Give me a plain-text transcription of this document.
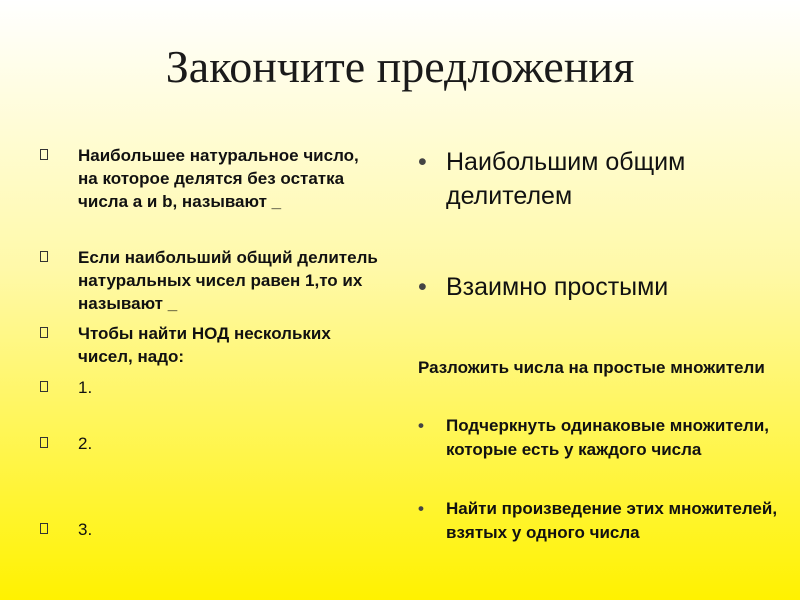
Закончите предложения
Наибольшее натуральное число, на которое делятся без остатка числа а и b, называют _
Если наибольший общий делитель натуральных чисел равен 1,то их называют _
Чтобы найти НОД нескольких чисел, надо:
1.
2.
3.
• Наибольшим общим делителем
• Взаимно простыми
Разложить числа на простые множители
• Подчеркнуть одинаковые множители, которые есть у каждого числа
• Найти произведение этих множителей, взятых у одного числа
